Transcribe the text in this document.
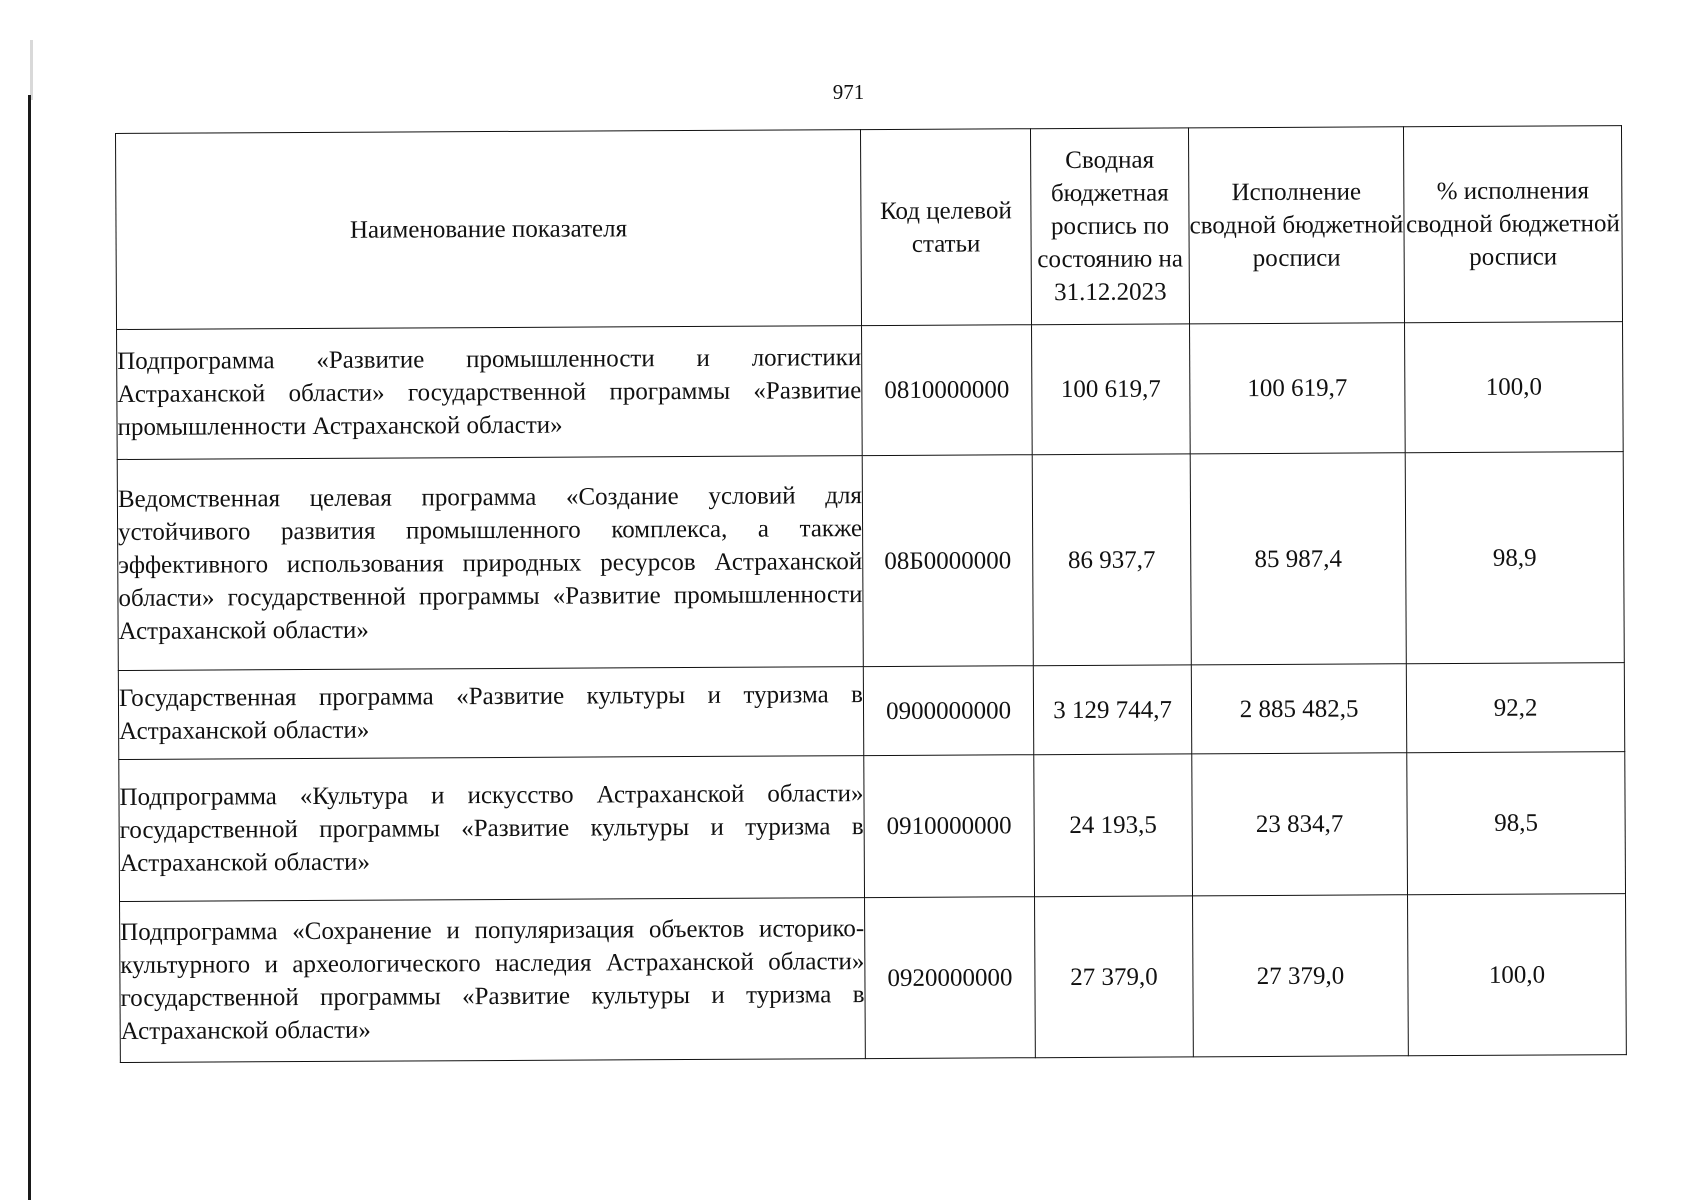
971
Наименование показателя	Код целевой статьи	Сводная бюджетная роспись по состоянию на 31.12.2023	Исполнение сводной бюджетной росписи	% исполнения сводной бюджетной росписи
Подпрограмма «Развитие промышленности и логистики Астраханской области» государственной программы «Развитие промышленности Астраханской области»	0810000000	100 619,7	100 619,7	100,0
Ведомственная целевая программа «Создание условий для устойчивого развития промышленного комплекса, а также эффективного использования природных ресурсов Астраханской области» государственной программы «Развитие промышленности Астраханской области»	08Б0000000	86 937,7	85 987,4	98,9
Государственная программа «Развитие культуры и туризма в Астраханской области»	0900000000	3 129 744,7	2 885 482,5	92,2
Подпрограмма «Культура и искусство Астраханской области» государственной программы «Развитие культуры и туризма в Астраханской области»	0910000000	24 193,5	23 834,7	98,5
Подпрограмма «Сохранение и популяризация объектов историко-культурного и археологического наследия Астраханской области» государственной программы «Развитие культуры и туризма в Астраханской области»	0920000000	27 379,0	27 379,0	100,0
